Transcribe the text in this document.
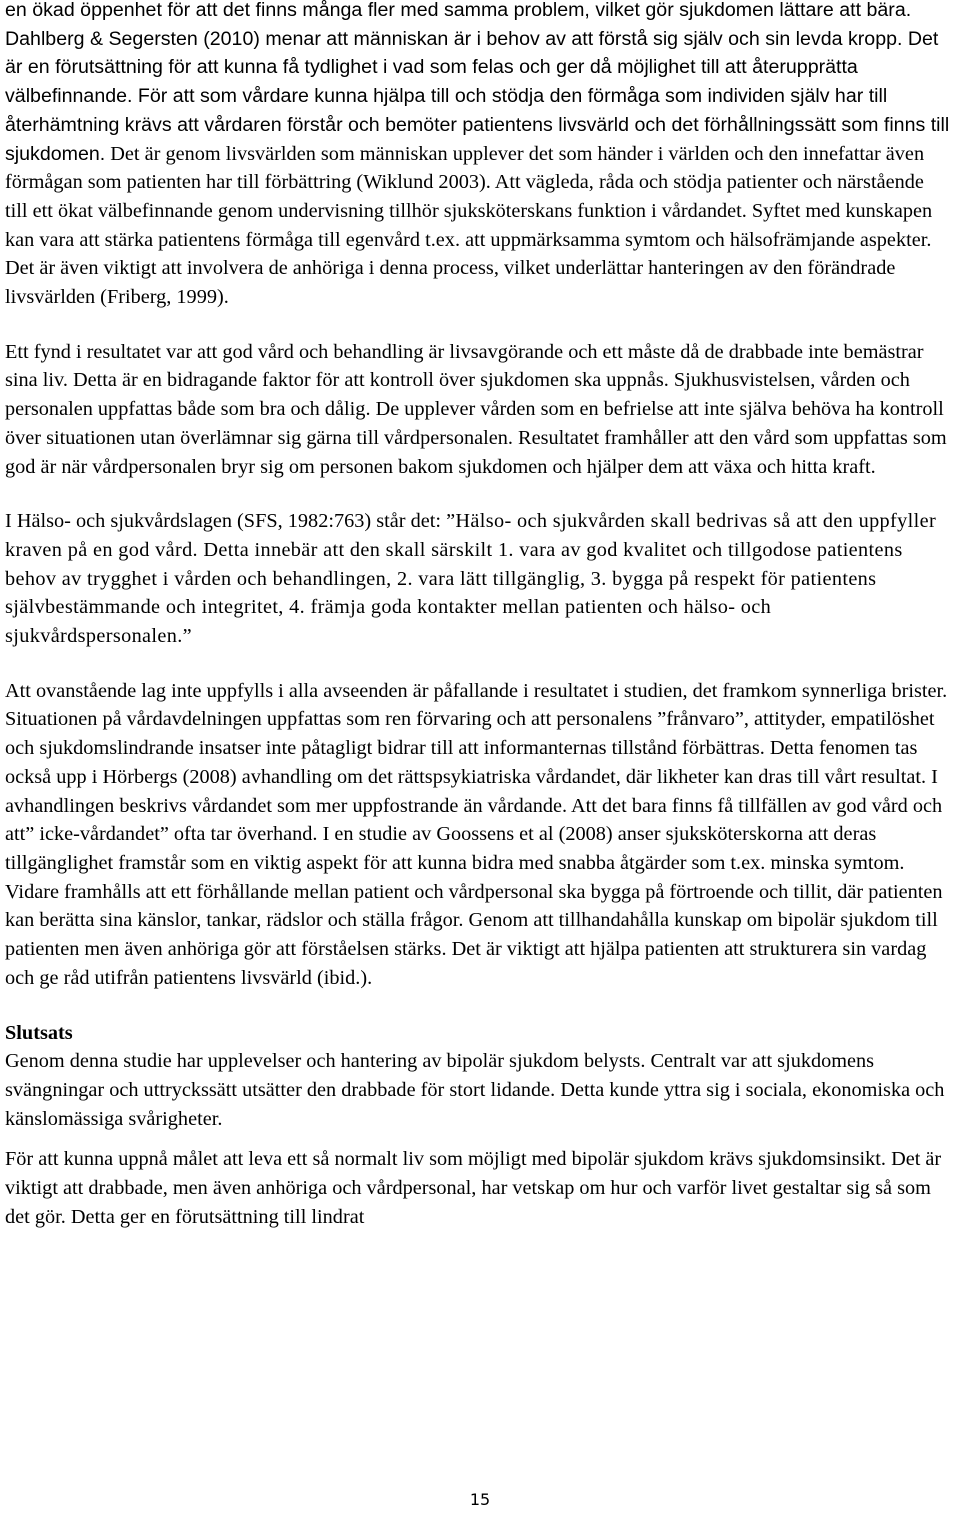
en ökad öppenhet för att det finns många fler med samma problem, vilket gör sjukdomen lättare att bära. Dahlberg & Segersten (2010) menar att människan är i behov av att förstå sig själv och sin levda kropp. Det är en förutsättning för att kunna få tydlighet i vad som felas och ger då möjlighet till att återupprätta välbefinnande. För att som vårdare kunna hjälpa till och stödja den förmåga som individen själv har till återhämtning krävs att vårdaren förstår och bemöter patientens livsvärld och det förhållningssätt som finns till sjukdomen. Det är genom livsvärlden som människan upplever det som händer i världen och den innefattar även förmågan som patienten har till förbättring (Wiklund 2003). Att vägleda, råda och stödja patienter och närstående till ett ökat välbefinnande genom undervisning tillhör sjuksköterskans funktion i vårdandet. Syftet med kunskapen kan vara att stärka patientens förmåga till egenvård t.ex. att uppmärksamma symtom och hälsofrämjande aspekter. Det är även viktigt att involvera de anhöriga i denna process, vilket underlättar hanteringen av den förändrade livsvärlden (Friberg, 1999).

Ett fynd i resultatet var att god vård och behandling är livsavgörande och ett måste då de drabbade inte bemästrar sina liv. Detta är en bidragande faktor för att kontroll över sjukdomen ska uppnås. Sjukhusvistelsen, vården och personalen uppfattas både som bra och dålig. De upplever vården som en befrielse att inte själva behöva ha kontroll över situationen utan överlämnar sig gärna till vårdpersonalen. Resultatet framhåller att den vård som uppfattas som god är när vårdpersonalen bryr sig om personen bakom sjukdomen och hjälper dem att växa och hitta kraft.

I Hälso- och sjukvårdslagen (SFS, 1982:763) står det: ”Hälso- och sjukvården skall bedrivas så att den uppfyller kraven på en god vård. Detta innebär att den skall särskilt 1. vara av god kvalitet och tillgodose patientens behov av trygghet i vården och behandlingen, 2. vara lätt tillgänglig, 3. bygga på respekt för patientens självbestämmande och integritet, 4. främja goda kontakter mellan patienten och hälso- och sjukvårdspersonalen.”

Att ovanstående lag inte uppfylls i alla avseenden är påfallande i resultatet i studien, det framkom synnerliga brister. Situationen på vårdavdelningen uppfattas som ren förvaring och att personalens ”frånvaro”, attityder, empatilöshet och sjukdomslindrande insatser inte påtagligt bidrar till att informanternas tillstånd förbättras. Detta fenomen tas också upp i Hörbergs (2008) avhandling om det rättspsykiatriska vårdandet, där likheter kan dras till vårt resultat. I avhandlingen beskrivs vårdandet som mer uppfostrande än vårdande. Att det bara finns få tillfällen av god vård och att” icke-vårdandet” ofta tar överhand. I en studie av Goossens et al (2008) anser sjuksköterskorna att deras tillgänglighet framstår som en viktig aspekt för att kunna bidra med snabba åtgärder som t.ex. minska symtom. Vidare framhålls att ett förhållande mellan patient och vårdpersonal ska bygga på förtroende och tillit, där patienten kan berätta sina känslor, tankar, rädslor och ställa frågor. Genom att tillhandahålla kunskap om bipolär sjukdom till patienten men även anhöriga gör att förståelsen stärks. Det är viktigt att hjälpa patienten att strukturera sin vardag och ge råd utifrån patientens livsvärld (ibid.).

Slutsats

Genom denna studie har upplevelser och hantering av bipolär sjukdom belysts. Centralt var att sjukdomens svängningar och uttryckssätt utsätter den drabbade för stort lidande. Detta kunde yttra sig i sociala, ekonomiska och känslomässiga svårigheter.

För att kunna uppnå målet att leva ett så normalt liv som möjligt med bipolär sjukdom krävs sjukdomsinsikt. Det är viktigt att drabbade, men även anhöriga och vårdpersonal, har vetskap om hur och varför livet gestaltar sig så som det gör. Detta ger en förutsättning till lindrat

15
